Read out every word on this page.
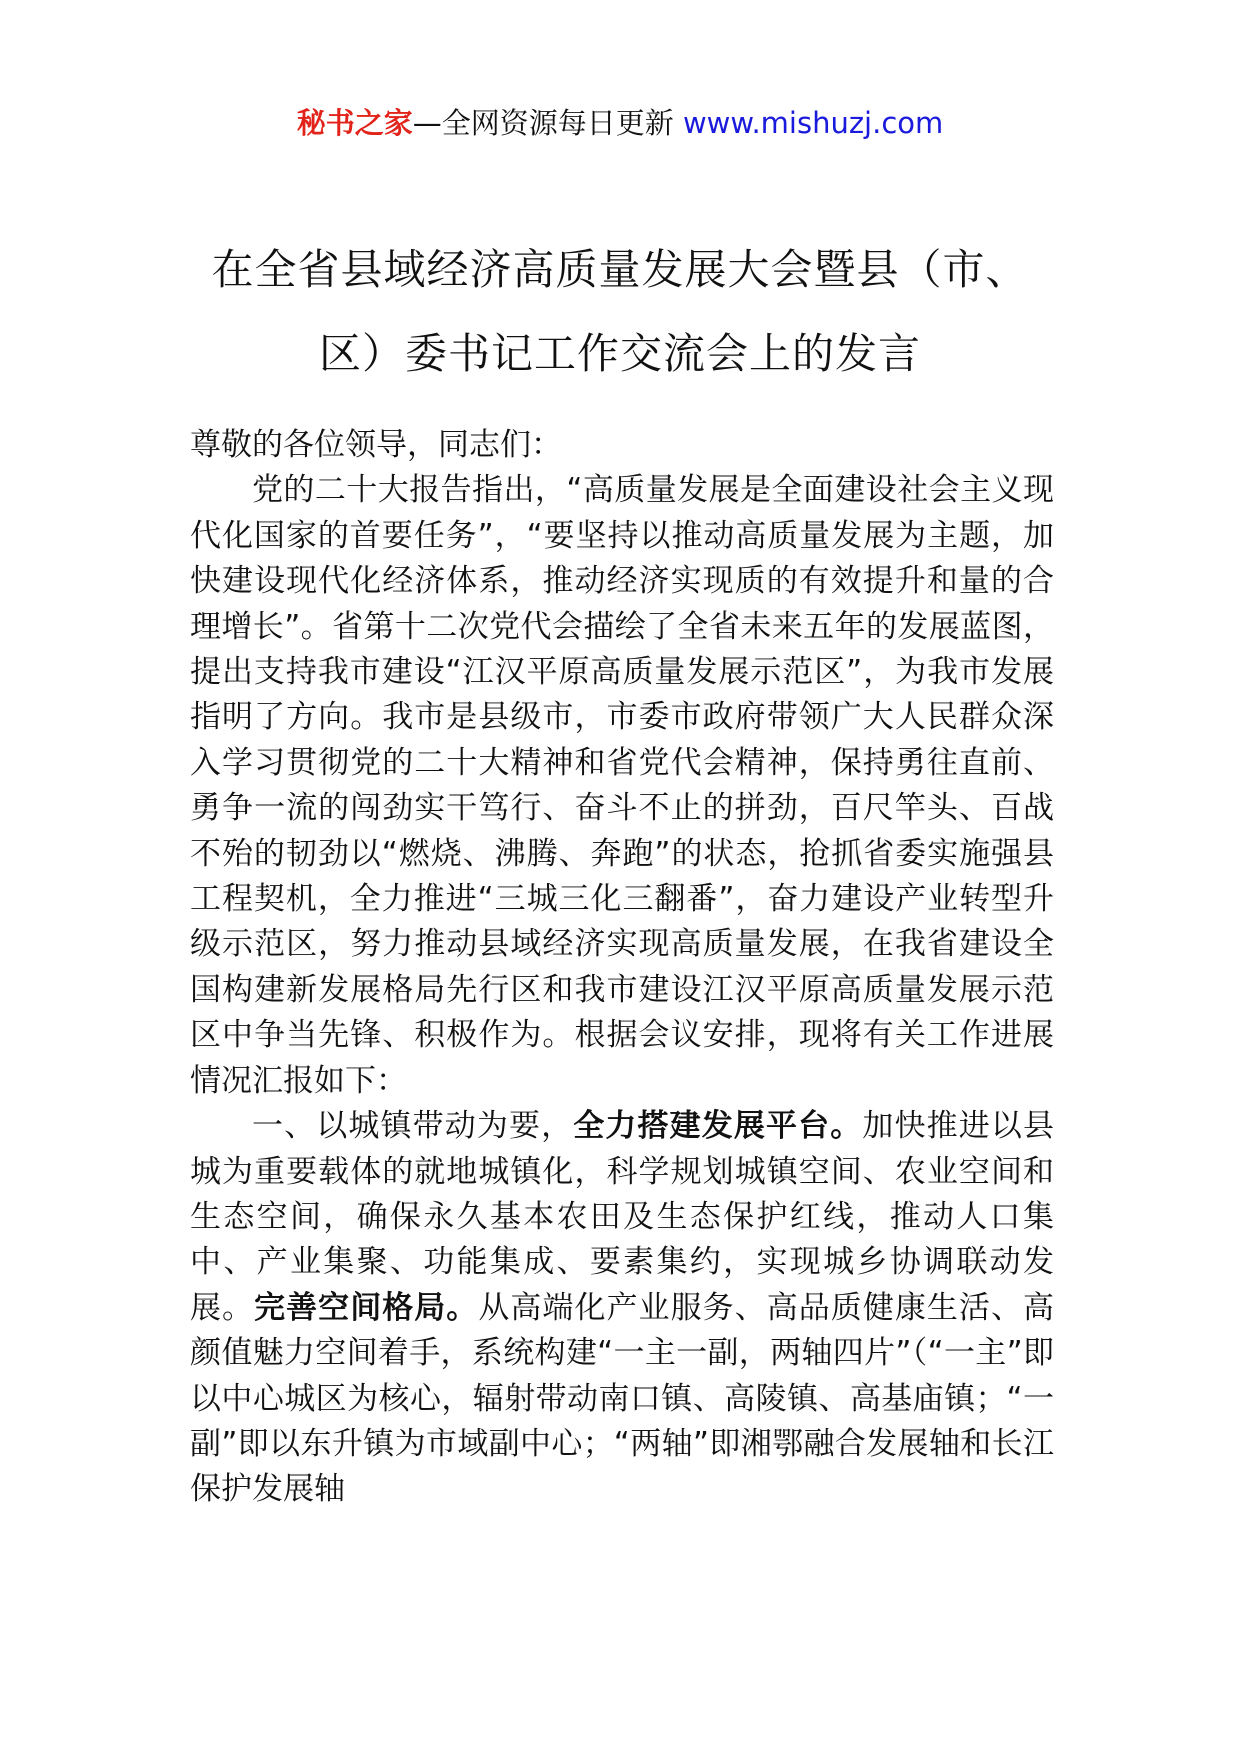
秘书之家—全网资源每日更新 www.mishuzj.com
在全省县域经济高质量发展大会暨县（市、
区）委书记工作交流会上的发言

尊敬的各位领导，同志们：

党的二十大报告指出，“高质量发展是全面建设社会主义现代化国家的首要任务”，“要坚持以推动高质量发展为主题，加快建设现代化经济体系，推动经济实现质的有效提升和量的合理增长”。省第十二次党代会描绘了全省未来五年的发展蓝图，提出支持我市建设“江汉平原高质量发展示范区”，为我市发展指明了方向。我市是县级市，市委市政府带领广大人民群众深入学习贯彻党的二十大精神和省党代会精神，保持勇往直前、勇争一流的闯劲实干笃行、奋斗不止的拼劲，百尺竿头、百战不殆的韧劲以“燃烧、沸腾、奔跑”的状态，抢抓省委实施强县工程契机，全力推进“三城三化三翻番”，奋力建设产业转型升级示范区，努力推动县域经济实现高质量发展，在我省建设全国构建新发展格局先行区和我市建设江汉平原高质量发展示范区中争当先锋、积极作为。根据会议安排，现将有关工作进展情况汇报如下：

一、以城镇带动为要，全力搭建发展平台。加快推进以县城为重要载体的就地城镇化，科学规划城镇空间、农业空间和生态空间，确保永久基本农田及生态保护红线，推动人口集中、产业集聚、功能集成、要素集约，实现城乡协调联动发展。完善空间格局。从高端化产业服务、高品质健康生活、高颜值魅力空间着手，系统构建“一主一副，两轴四片”（“一主”即以中心城区为核心，辐射带动南口镇、高陵镇、高基庙镇；“一副”即以东升镇为市域副中心；“两轴”即湘鄂融合发展轴和长江保护发展轴
